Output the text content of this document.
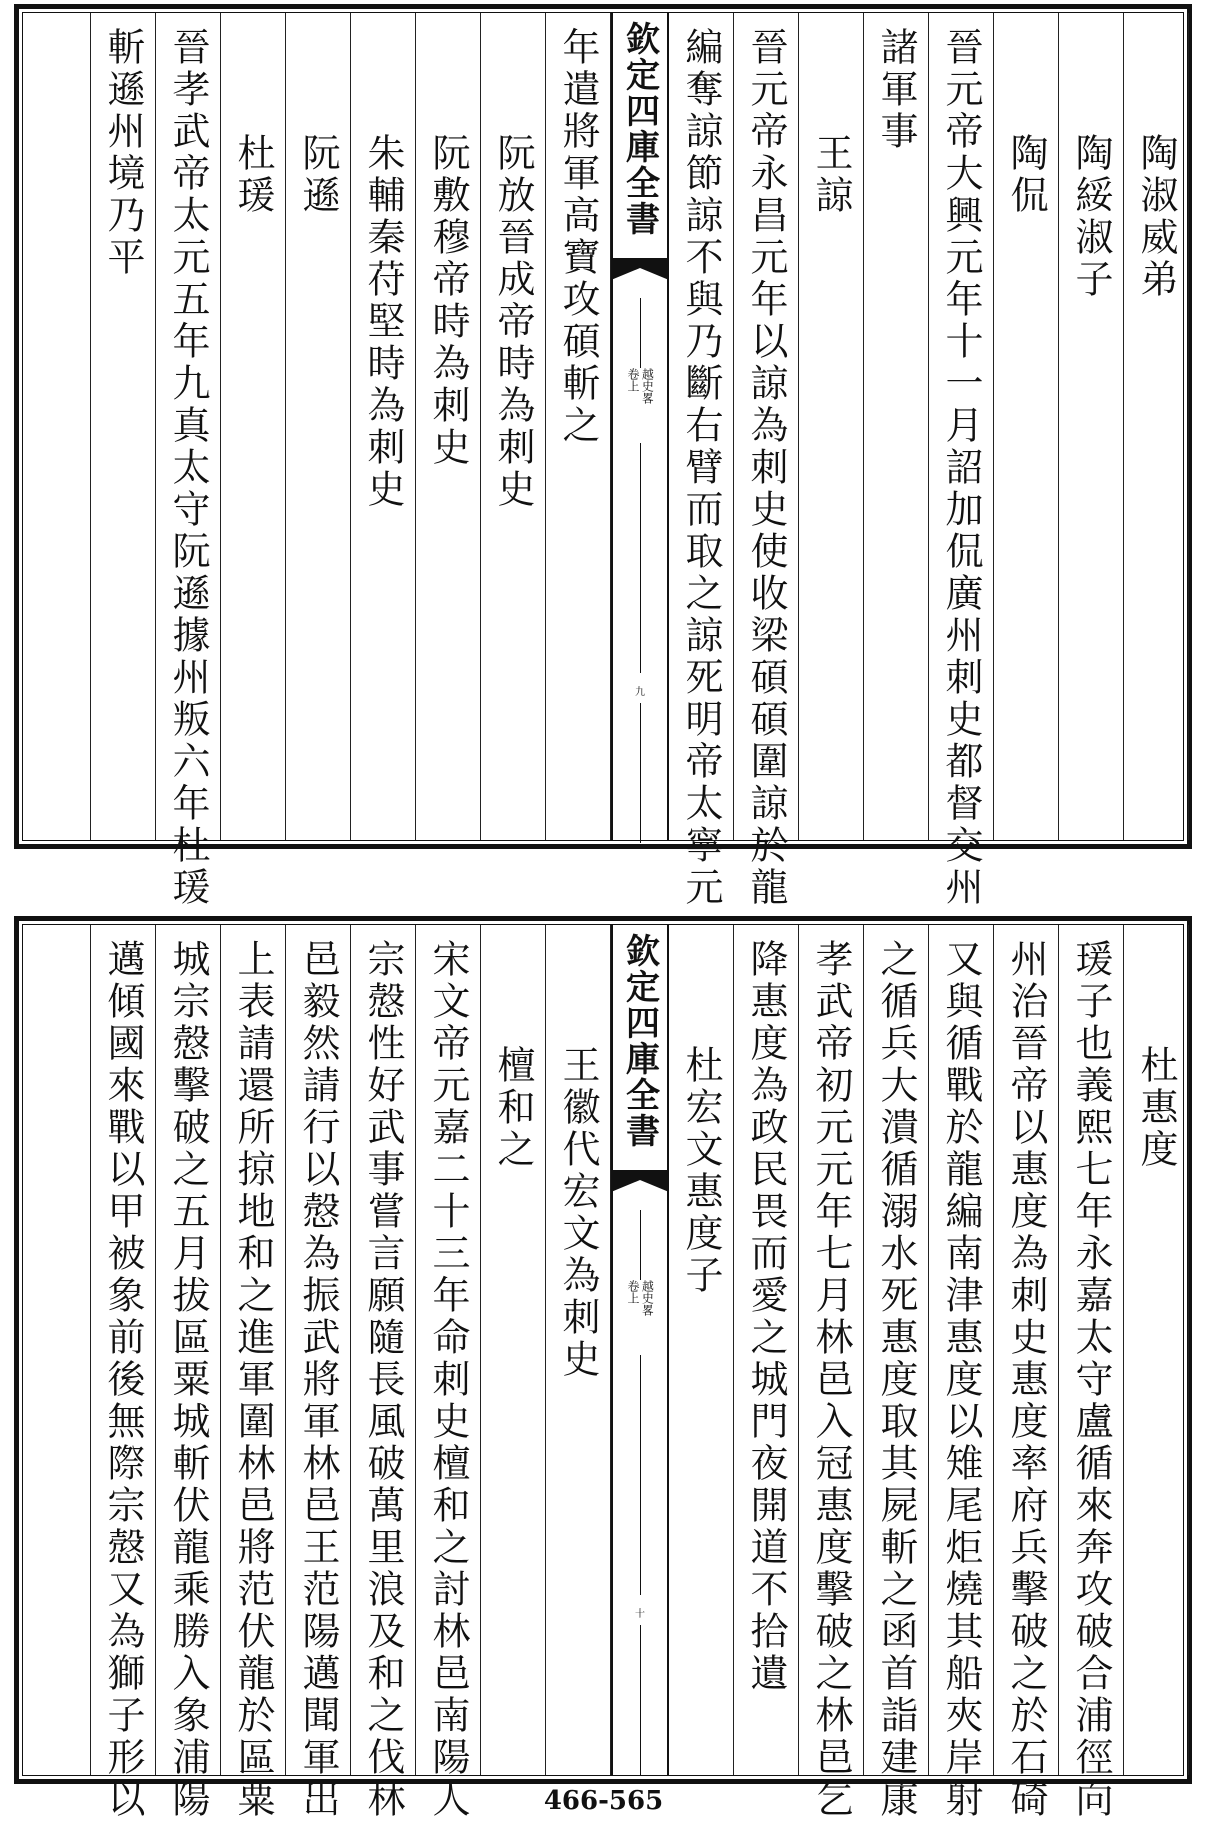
陶淑威弟
陶綏淑子
陶侃
晉元帝大興元年十一月詔加侃廣州刺史都督交州
諸軍事
王諒
晉元帝永昌元年以諒為刺史使收梁碩碩圍諒於龍
編奪諒節諒不與乃斷右臂而取之諒死明帝太寧元
欽定四庫全書
越史畧
卷上
九
年遣將軍高寶攻碩斬之
阮放晉成帝時為刺史
阮敷穆帝時為刺史
朱輔秦苻堅時為刺史
阮遜
杜瑗
晉孝武帝太元五年九真太守阮遜據州叛六年杜瑗
斬遜州境乃平
杜惠度
瑗子也義熙七年永嘉太守盧循來奔攻破合浦徑向
州治晉帝以惠度為刺史惠度率府兵擊破之於石碕
又與循戰於龍編南津惠度以雉尾炬燒其船夾岸射
之循兵大潰循溺水死惠度取其屍斬之函首詣建康
孝武帝初元元年七月林邑入冠惠度擊破之林邑乞
降惠度為政民畏而愛之城門夜開道不拾遺
杜宏文惠度子
欽定四庫全書
越史畧
卷上
十
王徽代宏文為刺史
檀和之
宋文帝元嘉二十三年命刺史檀和之討林邑南陽人
宗慤性好武事嘗言願隨長風破萬里浪及和之伐林
邑毅然請行以慤為振武將軍林邑王范陽邁聞軍出
上表請還所掠地和之進軍圍林邑將范伏龍於區粟
城宗慤擊破之五月拔區粟城斬伏龍乘勝入象浦陽
邁傾國來戰以甲被象前後無際宗慤又為獅子形以	466-565
